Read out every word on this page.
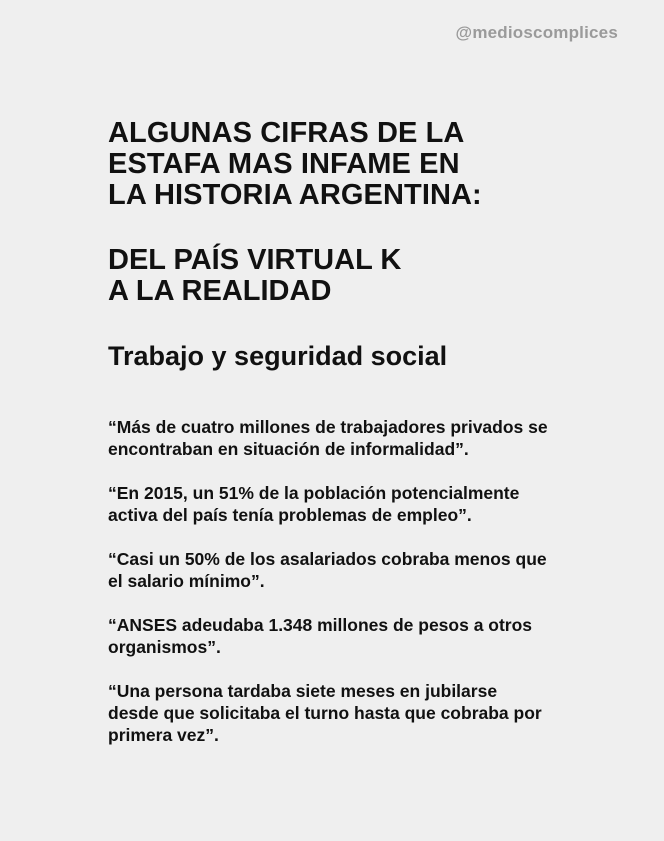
@medioscomplices
ALGUNAS CIFRAS DE LA
ESTAFA MAS INFAME EN
LA HISTORIA ARGENTINA:
DEL PAÍS VIRTUAL K
A LA REALIDAD
Trabajo y seguridad social

“Más de cuatro millones de trabajadores privados se
encontraban en situación de informalidad”.

“En 2015, un 51% de la población potencialmente
activa del país tenía problemas de empleo”.

“Casi un 50% de los asalariados cobraba menos que
el salario mínimo”.

“ANSES adeudaba 1.348 millones de pesos a otros
organismos”.

“Una persona tardaba siete meses en jubilarse
desde que solicitaba el turno hasta que cobraba por
primera vez”.
